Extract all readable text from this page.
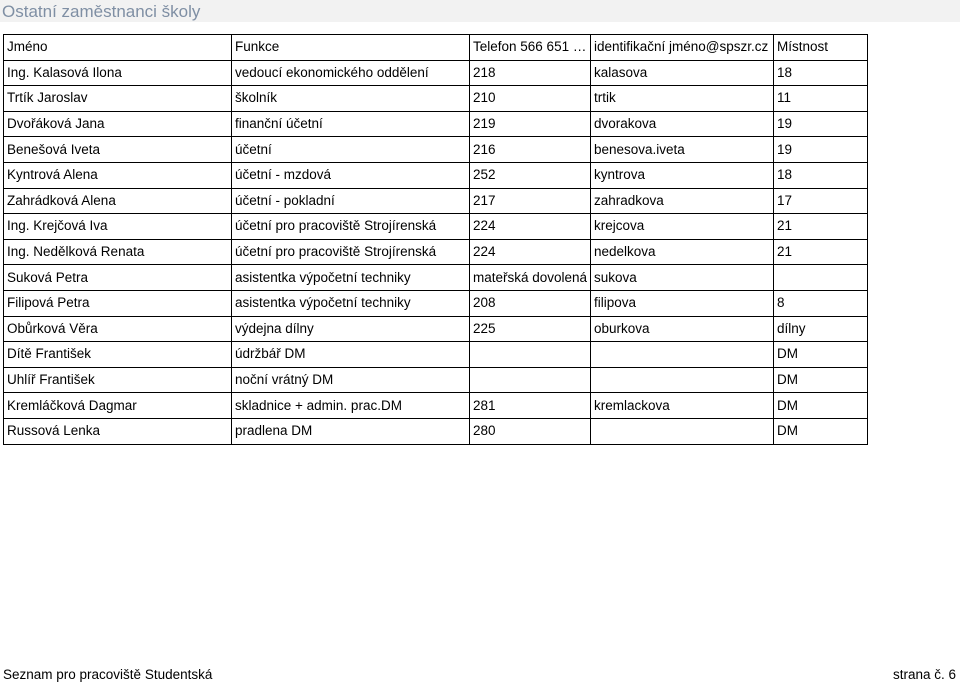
Ostatní zaměstnanci školy
Jméno	Funkce	Telefon 566 651 …	identifikační jméno@spszr.cz	Místnost
Ing. Kalasová Ilona	vedoucí ekonomického oddělení	218	kalasova	18
Trtík Jaroslav	školník	210	trtik	11
Dvořáková Jana	finanční účetní	219	dvorakova	19
Benešová Iveta	účetní	216	benesova.iveta	19
Kyntrová Alena	účetní - mzdová	252	kyntrova	18
Zahrádková Alena	účetní - pokladní	217	zahradkova	17
Ing. Krejčová Iva	účetní pro pracoviště Strojírenská	224	krejcova	21
Ing. Nedělková Renata	účetní pro pracoviště Strojírenská	224	nedelkova	21
Suková Petra	asistentka výpočetní techniky	mateřská dovolená	sukova	
Filipová Petra	asistentka výpočetní techniky	208	filipova	8
Obůrková Věra	výdejna dílny	225	oburkova	dílny
Dítě František	údržbář DM			DM
Uhlíř František	noční vrátný DM			DM
Kremláčková Dagmar	skladnice + admin. prac.DM	281	kremlackova	DM
Russová Lenka	pradlena DM	280		DM
Seznam pro pracoviště Studentská	strana č. 6
